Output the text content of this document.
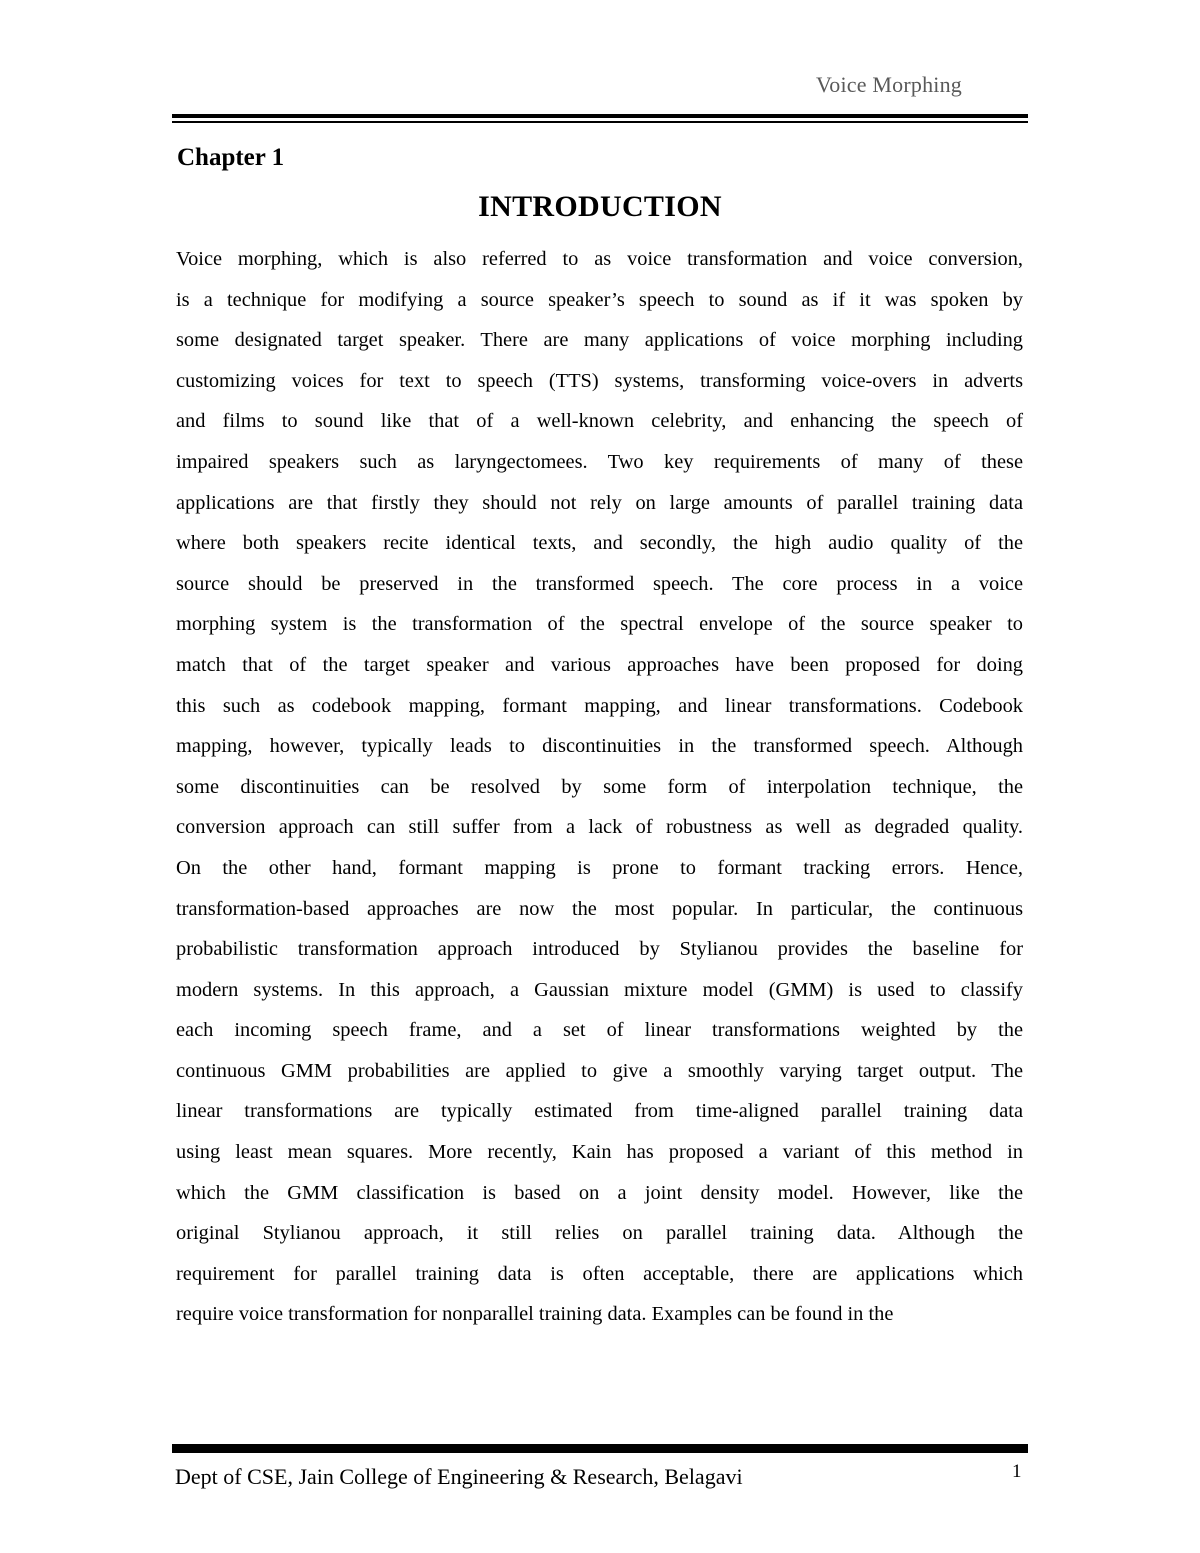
Voice Morphing
Chapter 1
INTRODUCTION
Voice morphing, which is also referred to as voice transformation and voice conversion,
is a technique for modifying a source speaker’s speech to sound as if it was spoken by
some designated target speaker. There are many applications of voice morphing including
customizing voices for text to speech (TTS) systems, transforming voice-overs in adverts
and films to sound like that of a well-known celebrity, and enhancing the speech of
impaired speakers such as laryngectomees. Two key requirements of many of these
applications are that firstly they should not rely on large amounts of parallel training data
where both speakers recite identical texts, and secondly, the high audio quality of the
source should be preserved in the transformed speech. The core process in a voice
morphing system is the transformation of the spectral envelope of the source speaker to
match that of the target speaker and various approaches have been proposed for doing
this such as codebook mapping, formant mapping, and linear transformations. Codebook
mapping, however, typically leads to discontinuities in the transformed speech. Although
some discontinuities can be resolved by some form of interpolation technique, the
conversion approach can still suffer from a lack of robustness as well as degraded quality.
On the other hand, formant mapping is prone to formant tracking errors. Hence,
transformation-based approaches are now the most popular. In particular, the continuous
probabilistic transformation approach introduced by Stylianou provides the baseline for
modern systems. In this approach, a Gaussian mixture model (GMM) is used to classify
each incoming speech frame, and a set of linear transformations weighted by the
continuous GMM probabilities are applied to give a smoothly varying target output. The
linear transformations are typically estimated from time-aligned parallel training data
using least mean squares. More recently, Kain has proposed a variant of this method in
which the GMM classification is based on a joint density model. However, like the
original Stylianou approach, it still relies on parallel training data. Although the
requirement for parallel training data is often acceptable, there are applications which
require voice transformation for nonparallel training data. Examples can be found in the
Dept of CSE, Jain College of Engineering & Research, Belagavi	1
